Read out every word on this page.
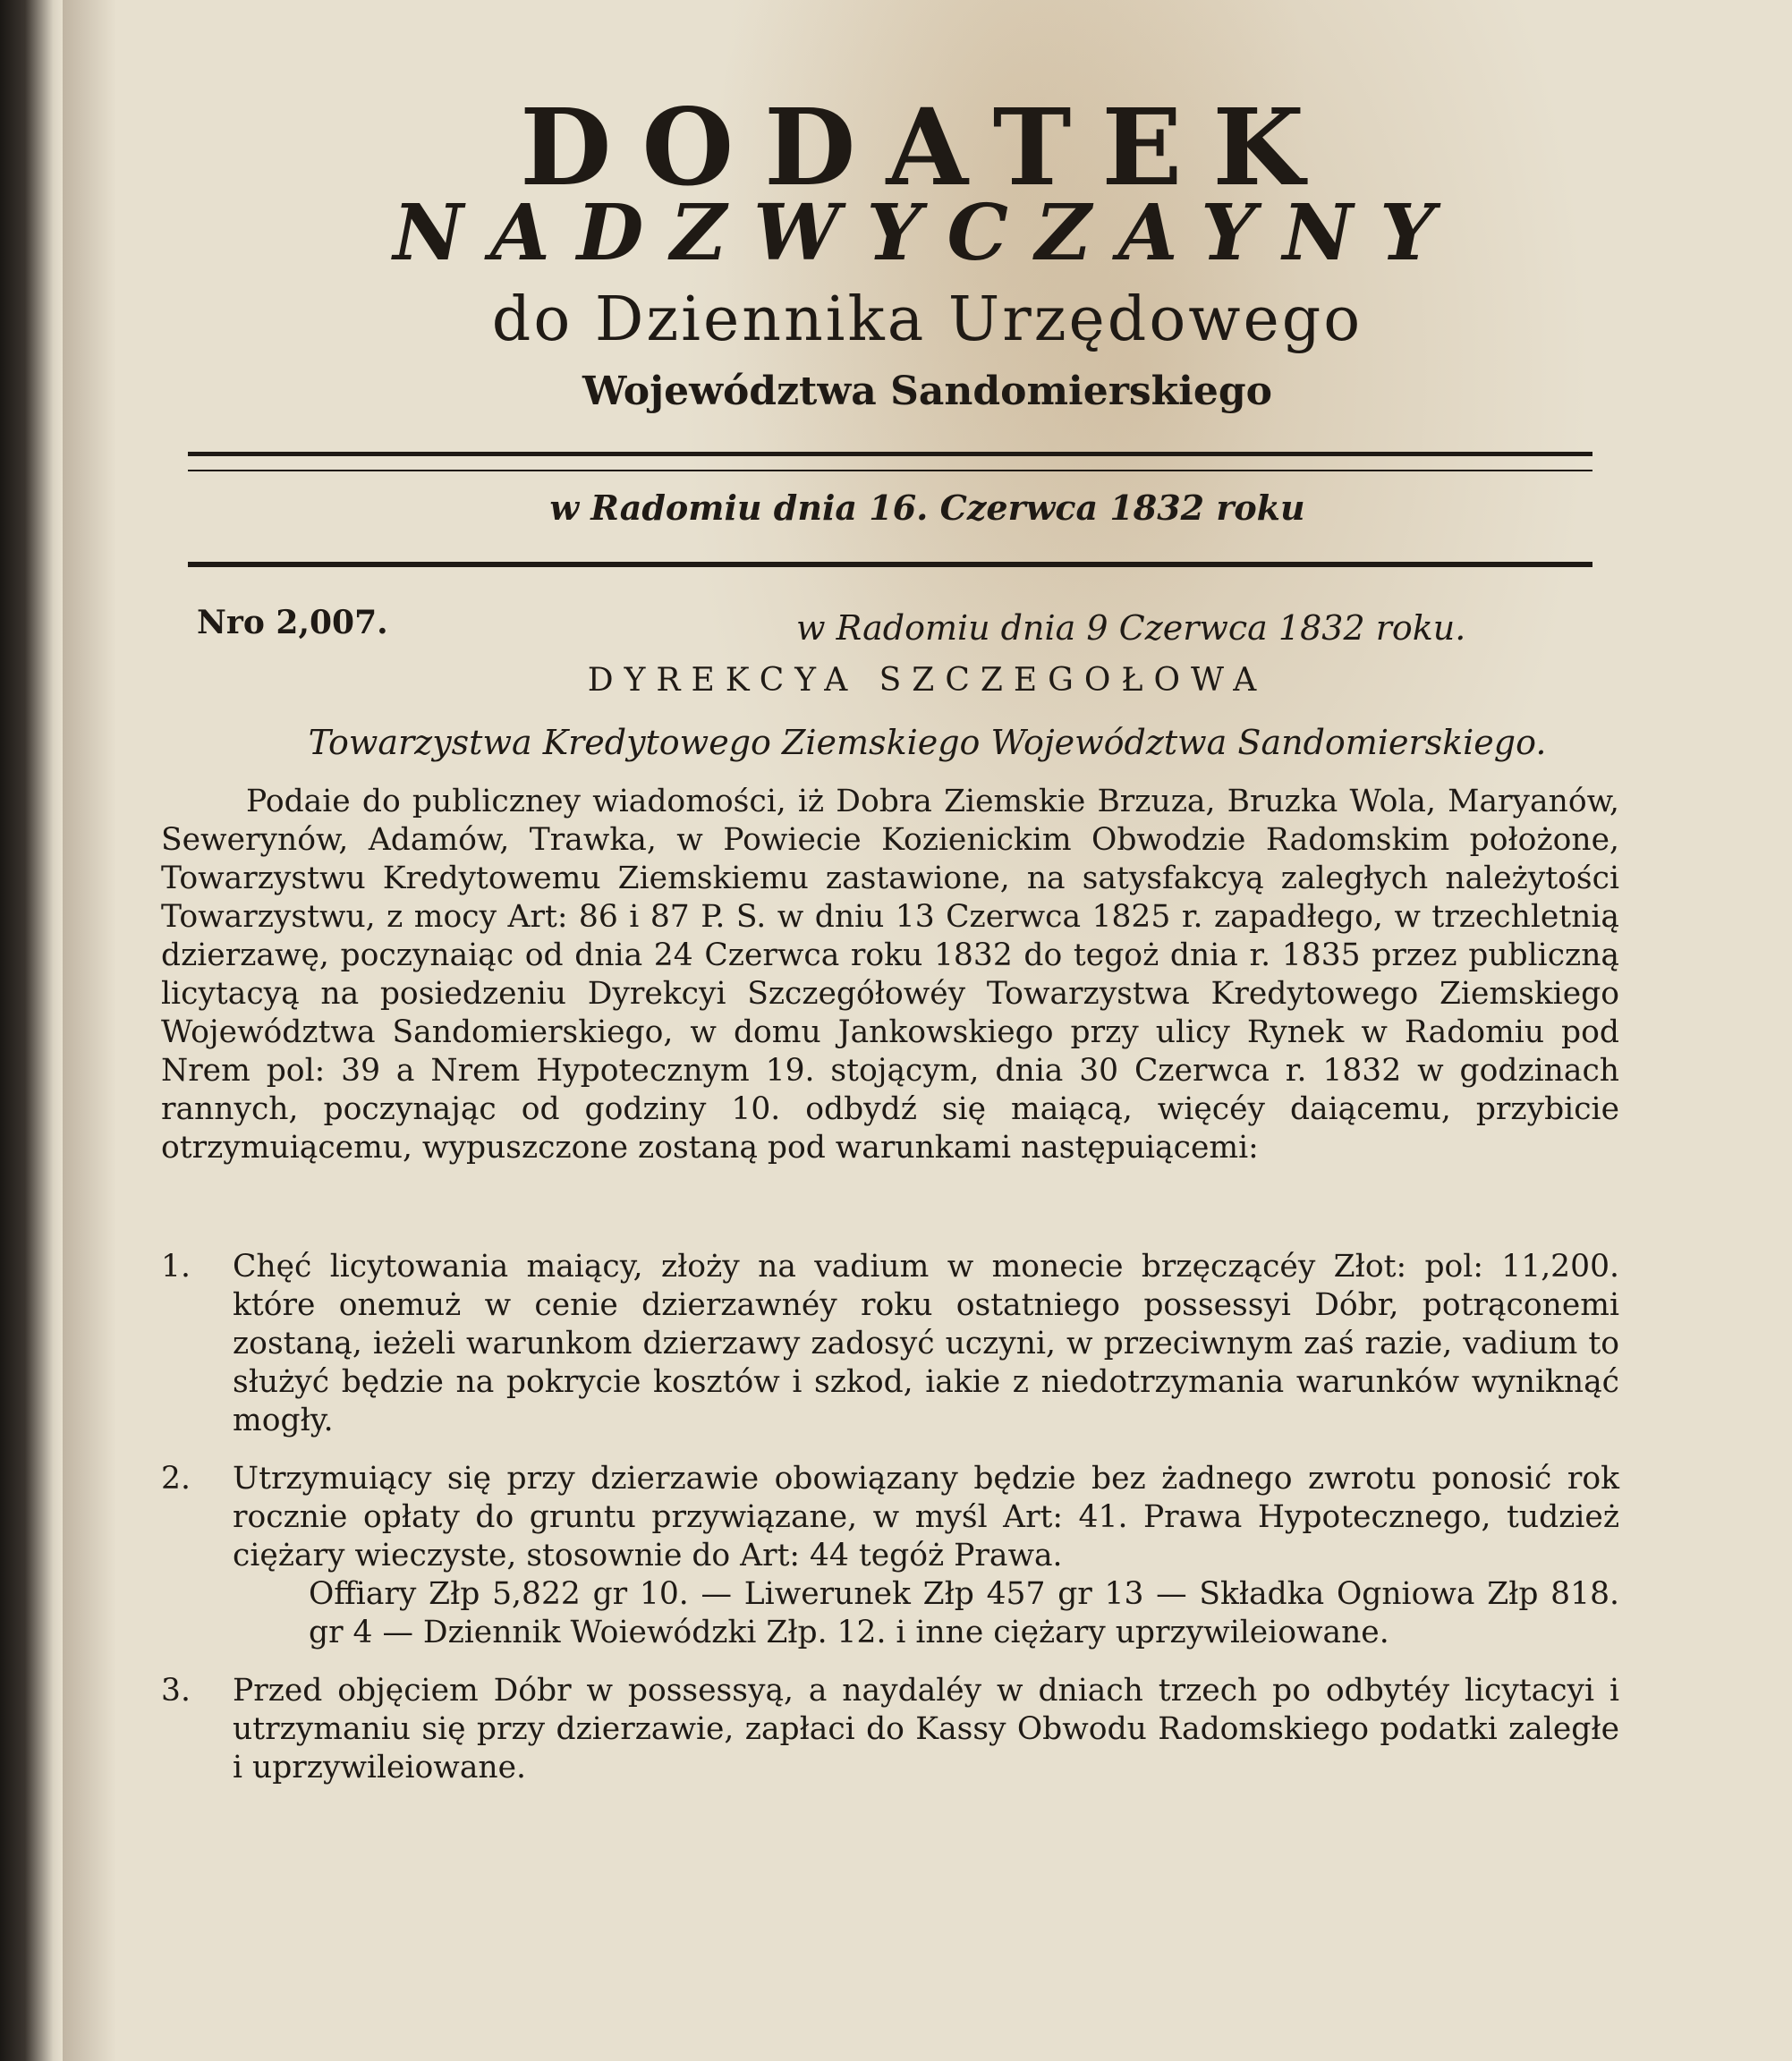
DODATEK
NADZWYCZAYNY
do Dziennika Urzędowego
Województwa Sandomierskiego
w Radomiu dnia 16. Czerwca 1832 roku
Nro 2,007.	w Radomiu dnia 9 Czerwca 1832 roku.
DYREKCYA SZCZEGOŁOWA
Towarzystwa Kredytowego Ziemskiego Województwa Sandomierskiego.

Podaie do publiczney wiadomości, iż Dobra Ziemskie Brzuza, Bruzka Wola, Maryanów, Sewerynów, Adamów, Trawka, w Powiecie Kozienickim Obwodzie Radomskim położone, Towarzystwu Kredytowemu Ziemskiemu zastawione, na satysfakcyą zaległych należytości Towarzystwu, z mocy Art: 86 i 87 P. S. w dniu 13 Czerwca 1825 r. zapadłego, w trzechletnią dzierzawę, poczynaiąc od dnia 24 Czerwca roku 1832 do tegoż dnia r. 1835 przez publiczną licytacyą na posiedzeniu Dyrekcyi Szczegółowéy Towarzystwa Kredytowego Ziemskiego Województwa Sandomierskiego, w domu Jankowskiego przy ulicy Rynek w Radomiu pod Nrem pol: 39 a Nrem Hypotecznym 19. stojącym, dnia 30 Czerwca r. 1832 w godzinach rannych, poczynając od godziny 10. odbydź się maiącą, więcéy daiącemu, przybicie otrzymuiącemu, wypuszczone zostaną pod warunkami następuiącemi:

1. Chęć licytowania maiący, złoży na vadium w monecie brzęczącéy Złot: pol: 11,200. które onemuż w cenie dzierzawnéy roku ostatniego possessyi Dóbr, potrąconemi zostaną, ieżeli warunkom dzierzawy zadosyć uczyni, w przeciwnym zaś razie, vadium to służyć będzie na pokrycie kosztów i szkod, iakie z niedotrzymania warunków wyniknąć mogły.
2. Utrzymuiący się przy dzierzawie obowiązany będzie bez żadnego zwrotu ponosić rok rocznie opłaty do gruntu przywiązane, w myśl Art: 41. Prawa Hypotecznego, tudzież ciężary wieczyste, stosownie do Art: 44 tegóż Prawa.
Offiary Złp 5,822 gr 10. — Liwerunek Złp 457 gr 13 — Składka Ogniowa Złp 818. gr 4 — Dziennik Woiewódzki Złp. 12. i inne ciężary uprzywileiowane.
3. Przed objęciem Dóbr w possessyą, a naydaléy w dniach trzech po odbytéy licytacyi i utrzymaniu się przy dzierzawie, zapłaci do Kassy Obwodu Radomskiego podatki zaległe i uprzywileiowane.
